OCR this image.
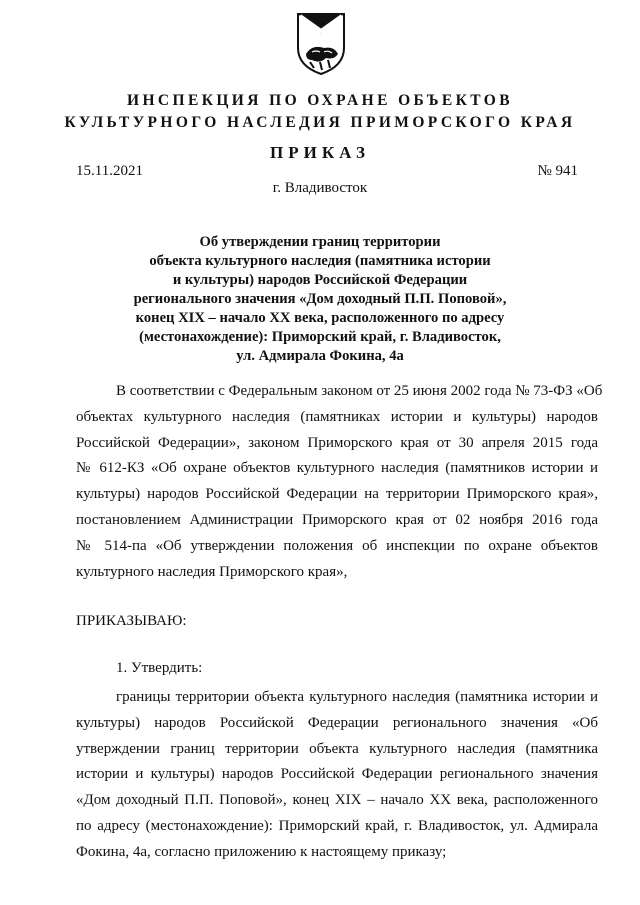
ИНСПЕКЦИЯ ПО ОХРАНЕ ОБЪЕКТОВ
КУЛЬТУРНОГО НАСЛЕДИЯ ПРИМОРСКОГО КРАЯ
ПРИКАЗ
15.11.2021	№ 941
г. Владивосток
Об утверждении границ территории
объекта культурного наследия (памятника истории
и культуры) народов Российской Федерации
регионального значения «Дом доходный П.П. Поповой»,
конец XIX – начало XX века, расположенного по адресу
(местонахождение): Приморский край, г. Владивосток,
ул. Адмирала Фокина, 4а
В соответствии с Федеральным законом от 25 июня 2002 года № 73-ФЗ «Об
объектах культурного наследия (памятниках истории и культуры) народов
Российской Федерации», законом Приморского края от 30 апреля 2015 года
№ 612-КЗ «Об охране объектов культурного наследия (памятников истории и
культуры) народов Российской Федерации на территории Приморского края»,
постановлением Администрации Приморского края от 02 ноября 2016 года
№ 514-па «Об утверждении положения об инспекции по охране объектов
культурного наследия Приморского края»,
ПРИКАЗЫВАЮ:
1. Утвердить:
границы территории объекта культурного наследия (памятника истории и
культуры) народов Российской Федерации регионального значения «Об
утверждении границ территории объекта культурного наследия (памятника
истории и культуры) народов Российской Федерации регионального значения
«Дом доходный П.П. Поповой», конец XIX – начало XX века, расположенного
по адресу (местонахождение): Приморский край, г. Владивосток, ул. Адмирала
Фокина, 4а, согласно приложению к настоящему приказу;
